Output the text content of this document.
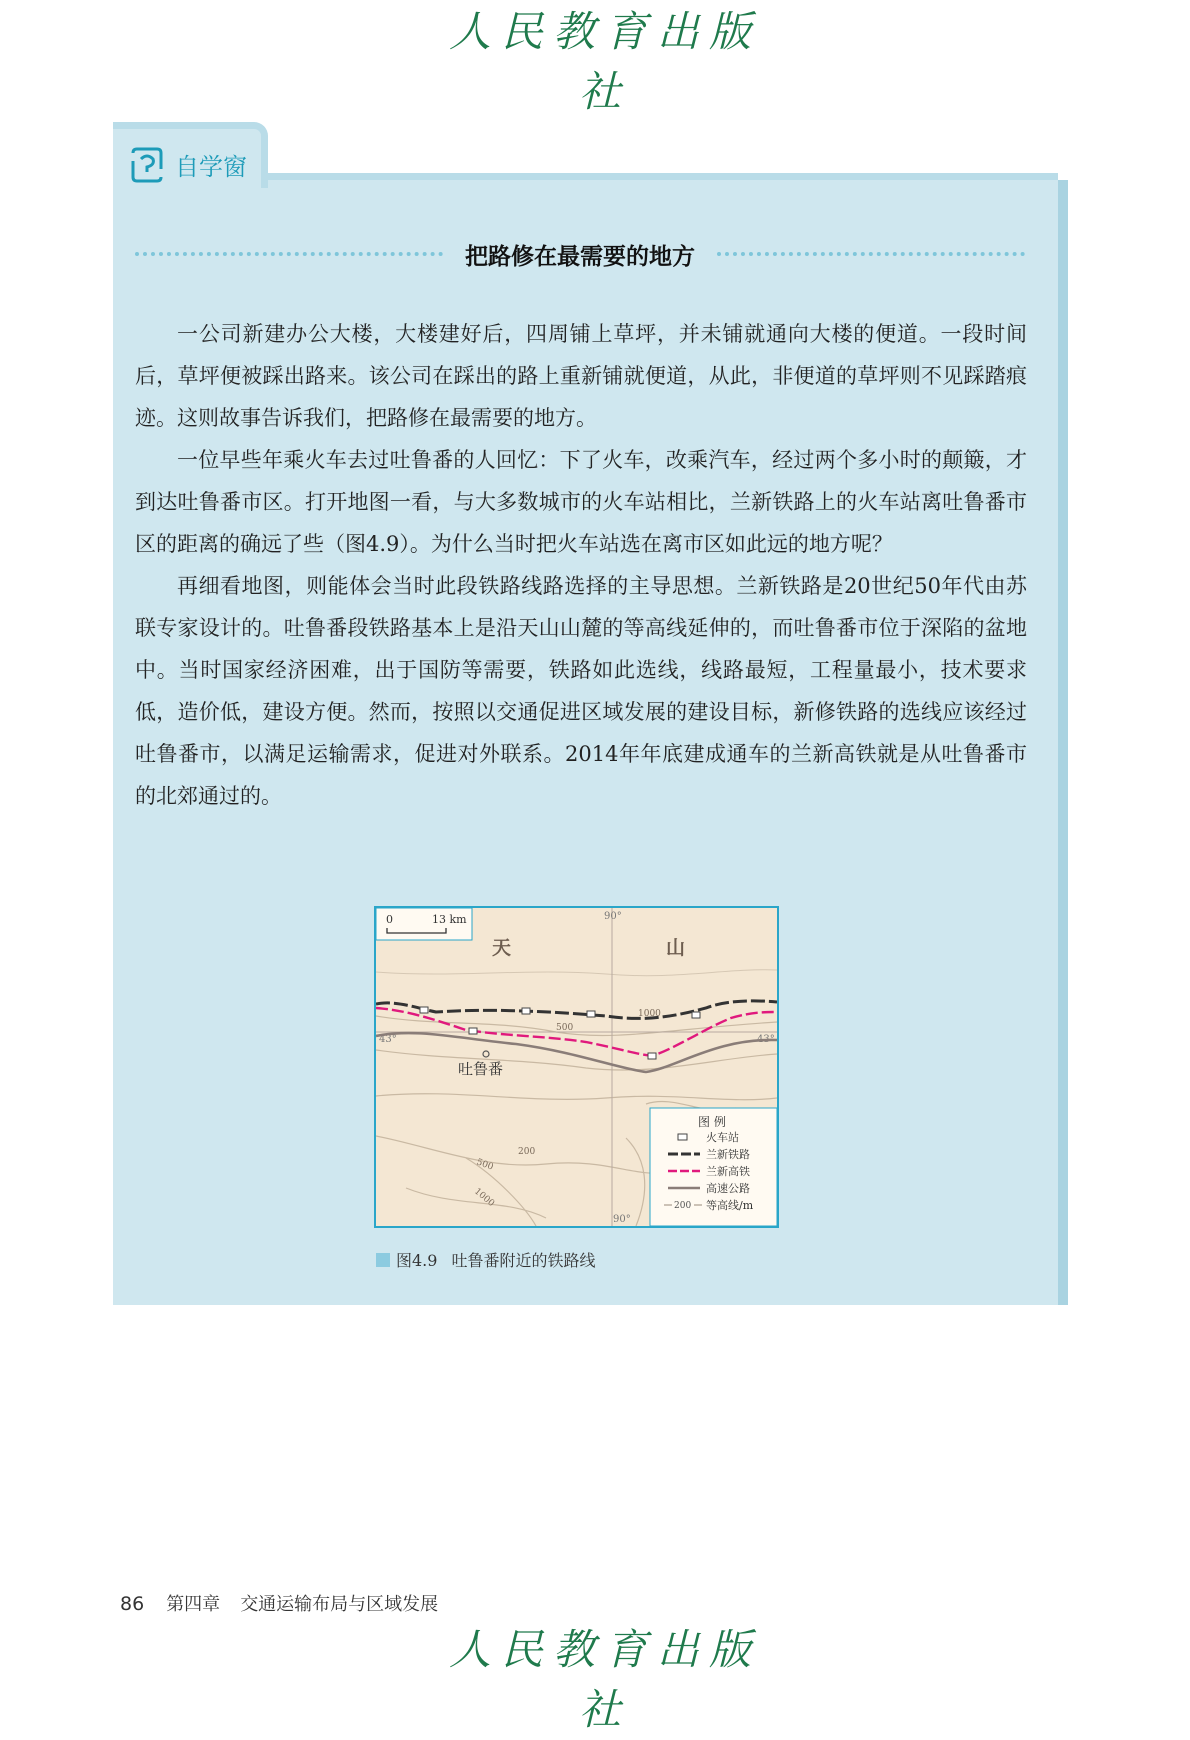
人民教育出版社
自学窗
把路修在最需要的地方

一公司新建办公大楼，大楼建好后，四周铺上草坪，并未铺就通向大楼的便道。一段时间后，草坪便被踩出路来。该公司在踩出的路上重新铺就便道，从此，非便道的草坪则不见踩踏痕迹。这则故事告诉我们，把路修在最需要的地方。

一位早些年乘火车去过吐鲁番的人回忆：下了火车，改乘汽车，经过两个多小时的颠簸，才到达吐鲁番市区。打开地图一看，与大多数城市的火车站相比，兰新铁路上的火车站离吐鲁番市区的距离的确远了些（图4.9）。为什么当时把火车站选在离市区如此远的地方呢？

再细看地图，则能体会当时此段铁路线路选择的主导思想。兰新铁路是20世纪50年代由苏联专家设计的。吐鲁番段铁路基本上是沿天山山麓的等高线延伸的，而吐鲁番市位于深陷的盆地中。当时国家经济困难，出于国防等需要，铁路如此选线，线路最短，工程量最小，技术要求低，造价低，建设方便。然而，按照以交通促进区域发展的建设目标，新修铁路的选线应该经过吐鲁番市，以满足运输需求，促进对外联系。2014年年底建成通车的兰新高铁就是从吐鲁番市的北郊通过的。

0	13 km	90°
90°
43°	43°
天	山
1000
500
500
200
1000
吐鲁番
图 例
火车站
兰新铁路
兰新高铁
高速公路
200 等高线/m
图4.9 吐鲁番附近的铁路线
86 第四章 交通运输布局与区域发展
人民教育出版社
